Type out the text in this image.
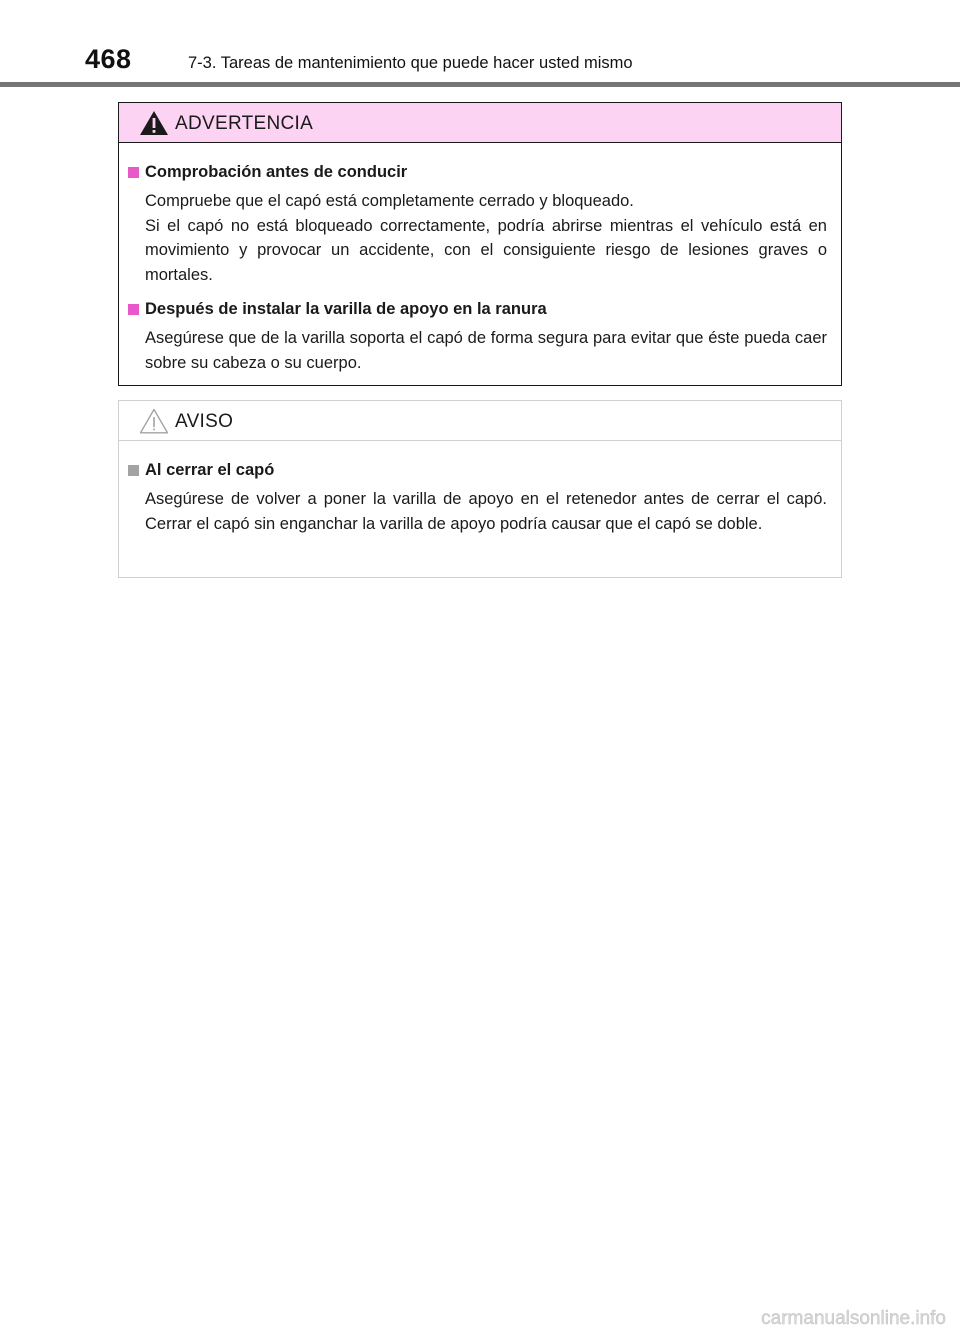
468	7-3. Tareas de mantenimiento que puede hacer usted mismo
ADVERTENCIA
Comprobación antes de conducir

Compruebe que el capó está completamente cerrado y bloqueado.

Si el capó no está bloqueado correctamente, podría abrirse mientras el vehículo está en movimiento y provocar un accidente, con el consiguiente riesgo de lesiones graves o mortales.

Después de instalar la varilla de apoyo en la ranura

Asegúrese que de la varilla soporta el capó de forma segura para evitar que éste pueda caer sobre su cabeza o su cuerpo.

AVISO
Al cerrar el capó

Asegúrese de volver a poner la varilla de apoyo en el retenedor antes de cerrar el capó. Cerrar el capó sin enganchar la varilla de apoyo podría causar que el capó se doble.

carmanualsonline.info
